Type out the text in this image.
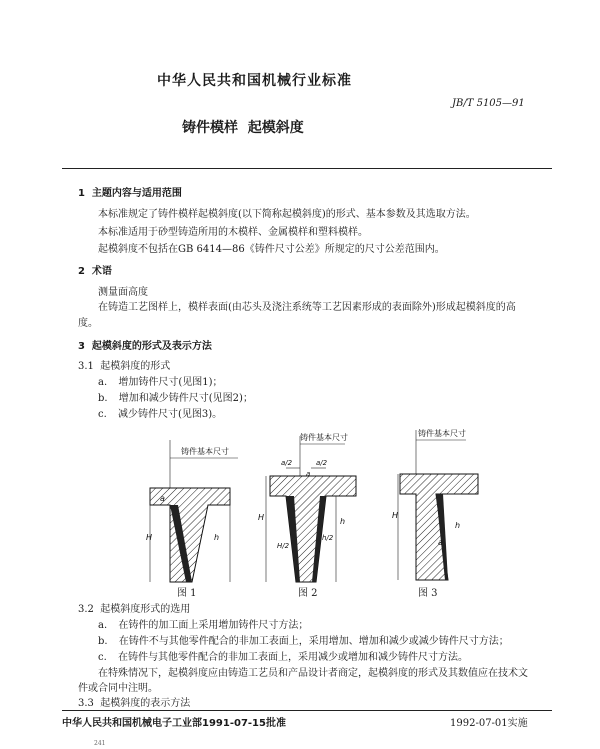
中华人民共和国机械行业标准
JB/T 5105—91
铸件模样  起模斜度
1  主题内容与适用范围
本标准规定了铸件模样起模斜度(以下简称起模斜度)的形式、基本参数及其选取方法。
本标准适用于砂型铸造所用的木模样、金属模样和塑料模样。
起模斜度不包括在GB 6414—86《铸件尺寸公差》所规定的尺寸公差范围内。
2  术语
测量面高度
在铸造工艺图样上，模样表面(由芯头及浇注系统等工艺因素形成的表面除外)形成起模斜度的高
度。
3  起模斜度的形式及表示方法
3.1  起模斜度的形式
a. 增加铸件尺寸(见图1)；
b. 增加和减少铸件尺寸(见图2)；
c. 减少铸件尺寸(见图3)。
铸件基本尺寸
a
H	h
铸件基本尺寸
a/2	a/2
a
H
H/2
h/2
h
铸件基本尺寸
a
H
h
图 1	图 2	图 3
3.2  起模斜度形式的选用
a. 在铸件的加工面上采用增加铸件尺寸方法；
b. 在铸件不与其他零件配合的非加工表面上，采用增加、增加和减少或减少铸件尺寸方法；
c. 在铸件与其他零件配合的非加工表面上，采用减少或增加和减少铸件尺寸方法。
在特殊情况下，起模斜度应由铸造工艺员和产品设计者商定，起模斜度的形式及其数值应在技术文
件或合同中注明。
3.3  起模斜度的表示方法
中华人民共和国机械电子工业部1991-07-15批准	1992-07-01实施
241
